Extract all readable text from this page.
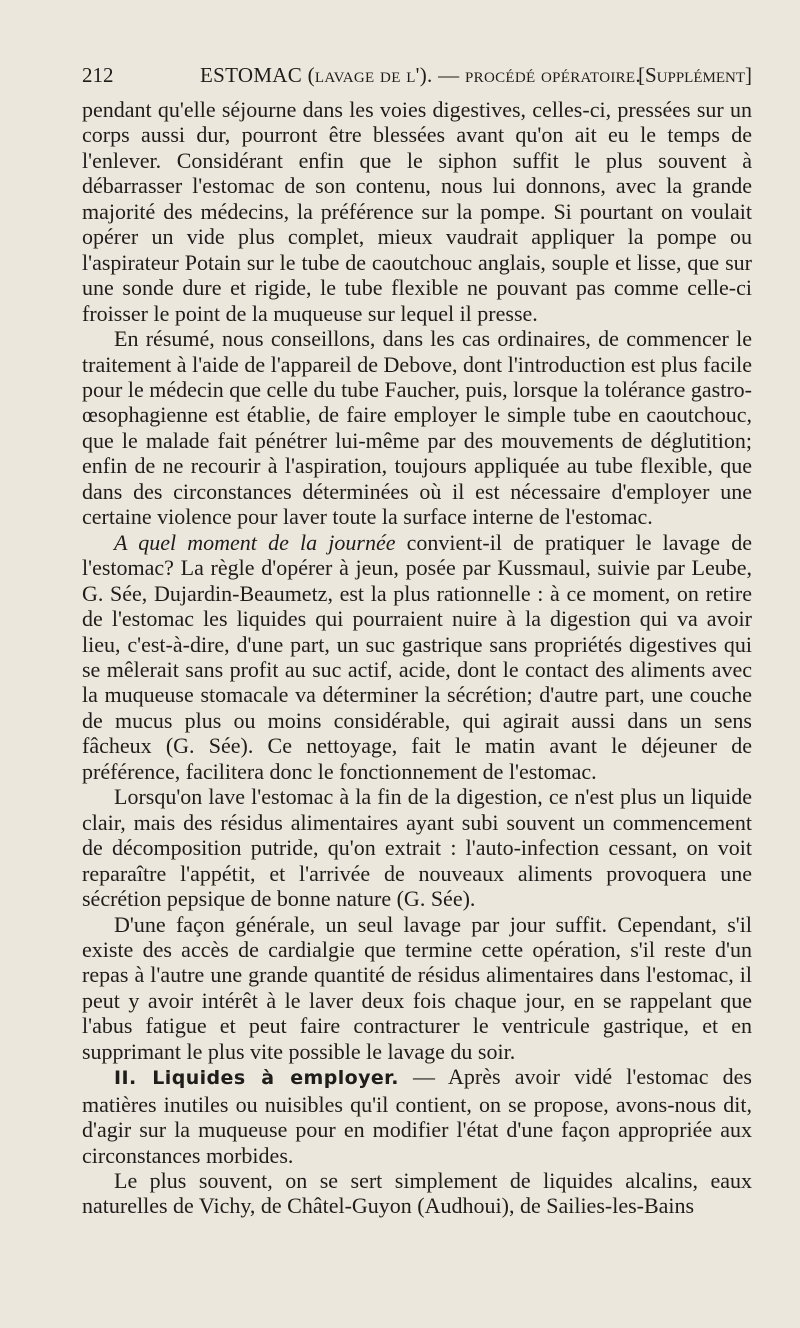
212	ESTOMAC (lavage de l'). — procédé opératoire.
[Supplément]

pendant qu'elle séjourne dans les voies digestives, celles-ci, pressées sur un corps aussi dur, pourront être blessées avant qu'on ait eu le temps de l'enlever. Considérant enfin que le siphon suffit le plus souvent à débarrasser l'estomac de son contenu, nous lui donnons, avec la grande majorité des médecins, la préférence sur la pompe. Si pourtant on voulait opérer un vide plus complet, mieux vaudrait appliquer la pompe ou l'aspirateur Potain sur le tube de caoutchouc anglais, souple et lisse, que sur une sonde dure et rigide, le tube flexible ne pouvant pas comme celle-ci froisser le point de la muqueuse sur lequel il presse.

En résumé, nous conseillons, dans les cas ordinaires, de commencer le traitement à l'aide de l'appareil de Debove, dont l'introduction est plus facile pour le médecin que celle du tube Faucher, puis, lorsque la tolérance gastro-œsophagienne est établie, de faire employer le simple tube en caoutchouc, que le malade fait pénétrer lui-même par des mouvements de déglutition; enfin de ne recourir à l'aspiration, toujours appliquée au tube flexible, que dans des circonstances déterminées où il est nécessaire d'employer une certaine violence pour laver toute la surface interne de l'estomac.

A quel moment de la journée convient-il de pratiquer le lavage de l'estomac? La règle d'opérer à jeun, posée par Kussmaul, suivie par Leube, G. Sée, Dujardin-Beaumetz, est la plus rationnelle : à ce moment, on retire de l'estomac les liquides qui pourraient nuire à la digestion qui va avoir lieu, c'est-à-dire, d'une part, un suc gastrique sans propriétés digestives qui se mêlerait sans profit au suc actif, acide, dont le contact des aliments avec la muqueuse stomacale va déterminer la sécrétion; d'autre part, une couche de mucus plus ou moins considérable, qui agirait aussi dans un sens fâcheux (G. Sée). Ce nettoyage, fait le matin avant le déjeuner de préférence, facilitera donc le fonctionnement de l'estomac.

Lorsqu'on lave l'estomac à la fin de la digestion, ce n'est plus un liquide clair, mais des résidus alimentaires ayant subi souvent un commencement de décomposition putride, qu'on extrait : l'auto-infection cessant, on voit reparaître l'appétit, et l'arrivée de nouveaux aliments provoquera une sécrétion pepsique de bonne nature (G. Sée).

D'une façon générale, un seul lavage par jour suffit. Cependant, s'il existe des accès de cardialgie que termine cette opération, s'il reste d'un repas à l'autre une grande quantité de résidus alimentaires dans l'estomac, il peut y avoir intérêt à le laver deux fois chaque jour, en se rappelant que l'abus fatigue et peut faire contracturer le ventricule gastrique, et en supprimant le plus vite possible le lavage du soir.

II. Liquides à employer. — Après avoir vidé l'estomac des matières inutiles ou nuisibles qu'il contient, on se propose, avons-nous dit, d'agir sur la muqueuse pour en modifier l'état d'une façon appropriée aux circonstances morbides.

Le plus souvent, on se sert simplement de liquides alcalins, eaux naturelles de Vichy, de Châtel-Guyon (Audhoui), de Sailies-les-Bains
